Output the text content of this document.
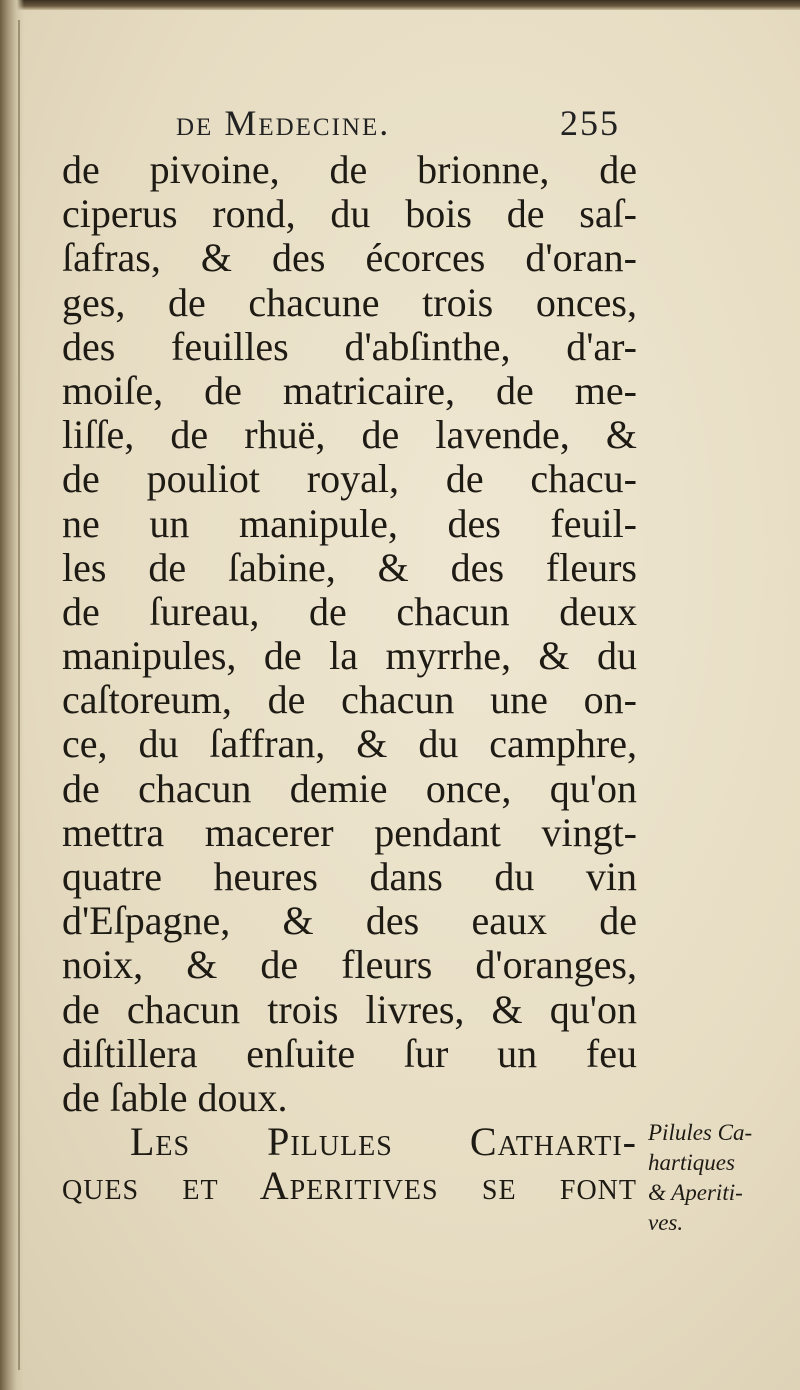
de Medecine.	255
de pivoine, de brionne, de
ciperus rond, du bois de saſ-
ſafras, & des écorces d'oran-
ges, de chacune trois onces,
des feuilles d'abſinthe, d'ar-
moiſe, de matricaire, de me-
liſſe, de rhuë, de lavende, &
de pouliot royal, de chacu-
ne un manipule, des feuil-
les de ſabine, & des fleurs
de ſureau, de chacun deux
manipules, de la myrrhe, & du
caſtoreum, de chacun une on-
ce, du ſaffran, & du camphre,
de chacun demie once, qu'on
mettra macerer pendant vingt-
quatre heures dans du vin
d'Eſpagne, & des eaux de
noix, & de fleurs d'oranges,
de chacun trois livres, & qu'on
diſtillera enſuite ſur un feu
de ſable doux.
Les Pilules Catharti-
ques et Aperitives ſe font
Pilules Ca-
hartiques
& Aperiti-
ves.
